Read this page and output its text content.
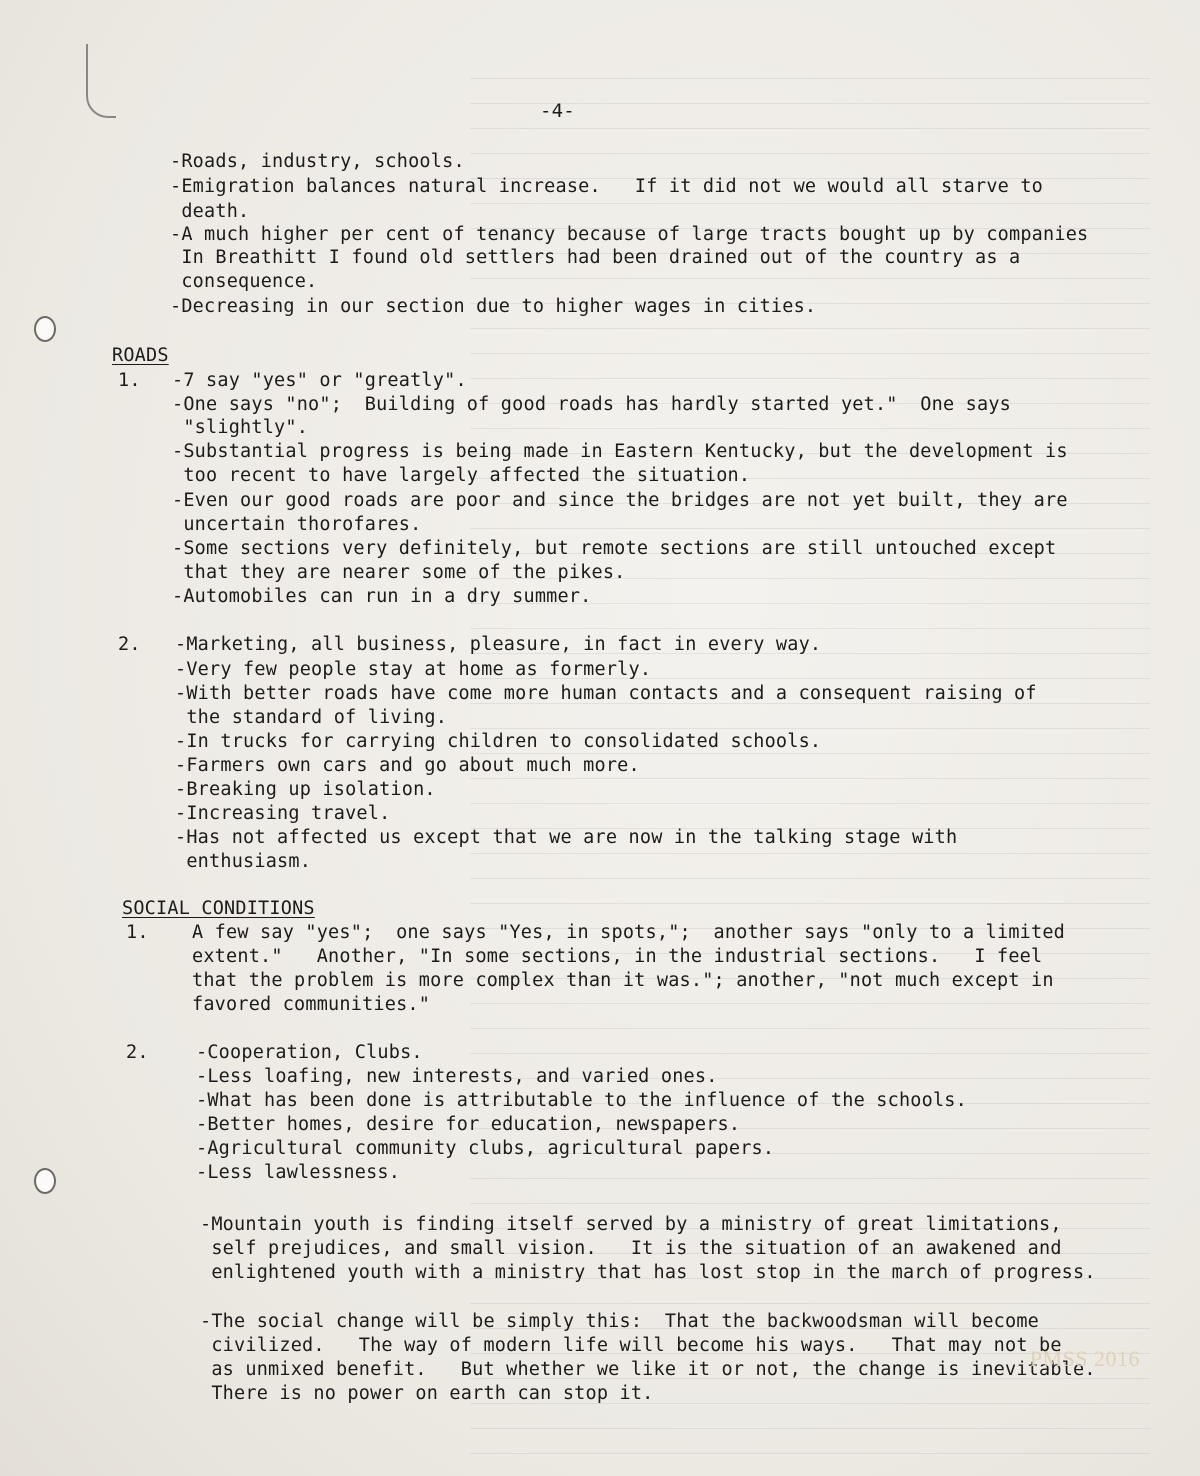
-4-
-Roads, industry, schools.
-Emigration balances natural increase.   If it did not we would all starve to
death.
-A much higher per cent of tenancy because of large tracts bought up by companies
In Breathitt I found old settlers had been drained out of the country as a
consequence.
-Decreasing in our section due to higher wages in cities.
ROADS
1. -7 say "yes" or "greatly".
-One says "no";  Building of good roads has hardly started yet."  One says
"slightly".
-Substantial progress is being made in Eastern Kentucky, but the development is
too recent to have largely affected the situation.
-Even our good roads are poor and since the bridges are not yet built, they are
uncertain thorofares.
-Some sections very definitely, but remote sections are still untouched except
that they are nearer some of the pikes.
-Automobiles can run in a dry summer.
2. -Marketing, all business, pleasure, in fact in every way.
-Very few people stay at home as formerly.
-With better roads have come more human contacts and a consequent raising of
the standard of living.
-In trucks for carrying children to consolidated schools.
-Farmers own cars and go about much more.
-Breaking up isolation.
-Increasing travel.
-Has not affected us except that we are now in the talking stage with
enthusiasm.
SOCIAL CONDITIONS
1. A few say "yes";  one says "Yes, in spots,";  another says "only to a limited
extent."   Another, "In some sections, in the industrial sections.   I feel
that the problem is more complex than it was."; another, "not much except in
favored communities."
2.	-Cooperation, Clubs.
-Less loafing, new interests, and varied ones.
-What has been done is attributable to the influence of the schools.
-Better homes, desire for education, newspapers.
-Agricultural community clubs, agricultural papers.
-Less lawlessness.
-Mountain youth is finding itself served by a ministry of great limitations,
self prejudices, and small vision.   It is the situation of an awakened and
enlightened youth with a ministry that has lost stop in the march of progress.
-The social change will be simply this:  That the backwoodsman will become
civilized.   The way of modern life will become his ways.   That may not be
as unmixed benefit.   But whether we like it or not, the change is inevitable.
There is no power on earth can stop it.
PMSS 2016
